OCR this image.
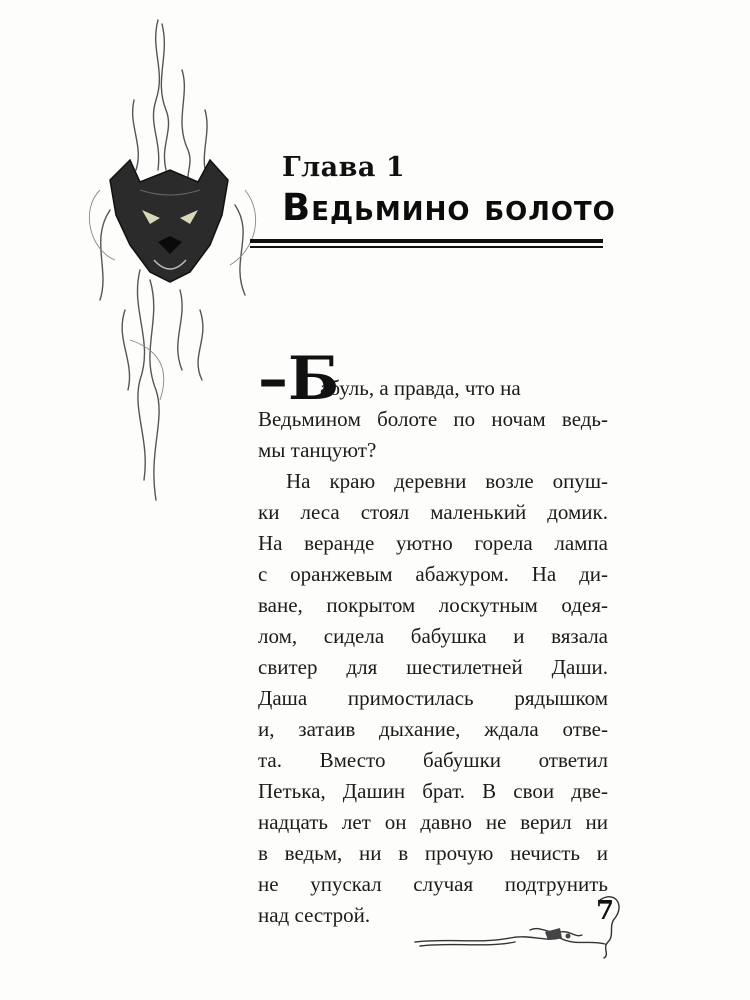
Глава 1
Ведьмино болото
–Б
абуль, а правда, что на
Ведьминoм болоте по ночам ведь-
мы танцуют?
На краю деревни возле опуш-
ки леса стоял маленький домик.
На веранде уютно горела лампа
с оранжевым абажуром. На ди-
ване, покрытом лоскутным одея-
лом, сидела бабушка и вязала
свитер для шестилетней Даши.
Даша примостилась рядышком
и, затаив дыхание, ждала отве-
та. Вместо бабушки ответил
Петька, Дашин брат. В свои две-
надцать лет он давно не верил ни
в ведьм, ни в прочую нечисть и
не упускал случая подтрунить
над сестрой.	7
